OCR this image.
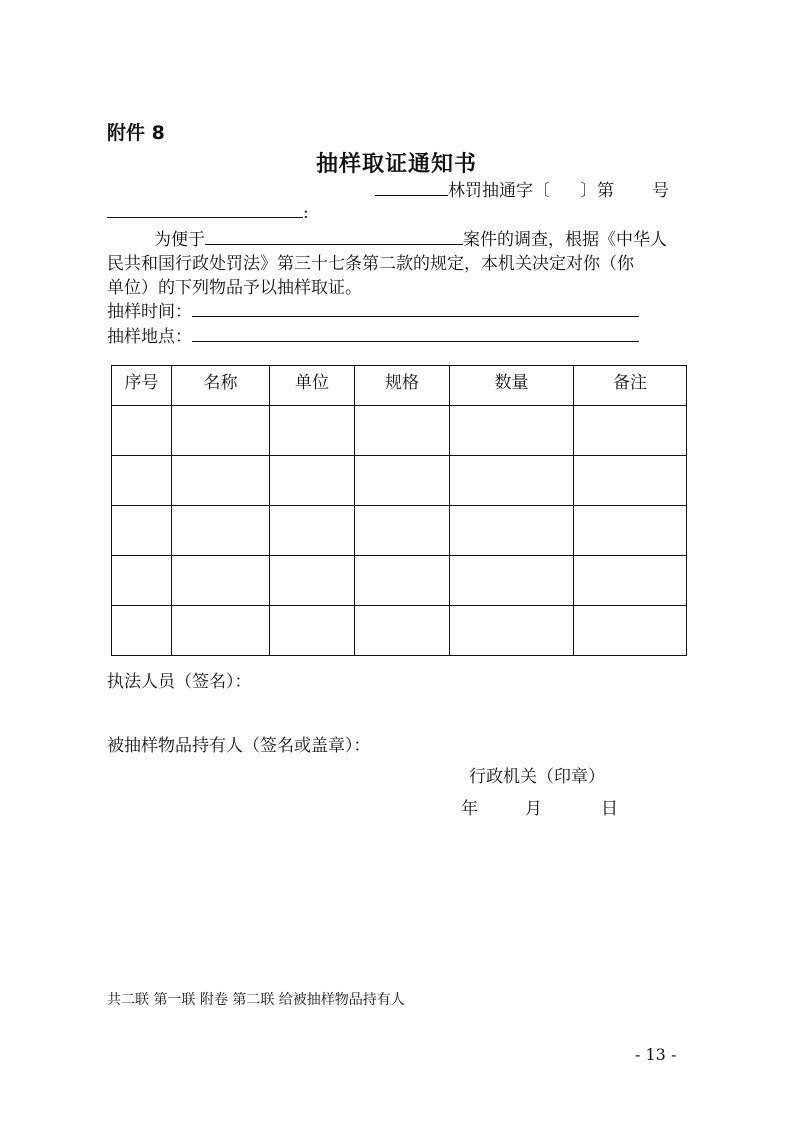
附件 8
抽样取证通知书
林罚抽通字〔 〕第 号
:
为便于	案件的调查，根据《中华人
民共和国行政处罚法》第三十七条第二款的规定，本机关决定对你（你
单位）的下列物品予以抽样取证。
抽样时间：
抽样地点：
序号	名称	单位	规格	数量	备注

执法人员（签名）：
被抽样物品持有人（签名或盖章）：
行政机关（印章）
年	月	日
共二联 第一联 附卷 第二联 给被抽样物品持有人
- 13 -
